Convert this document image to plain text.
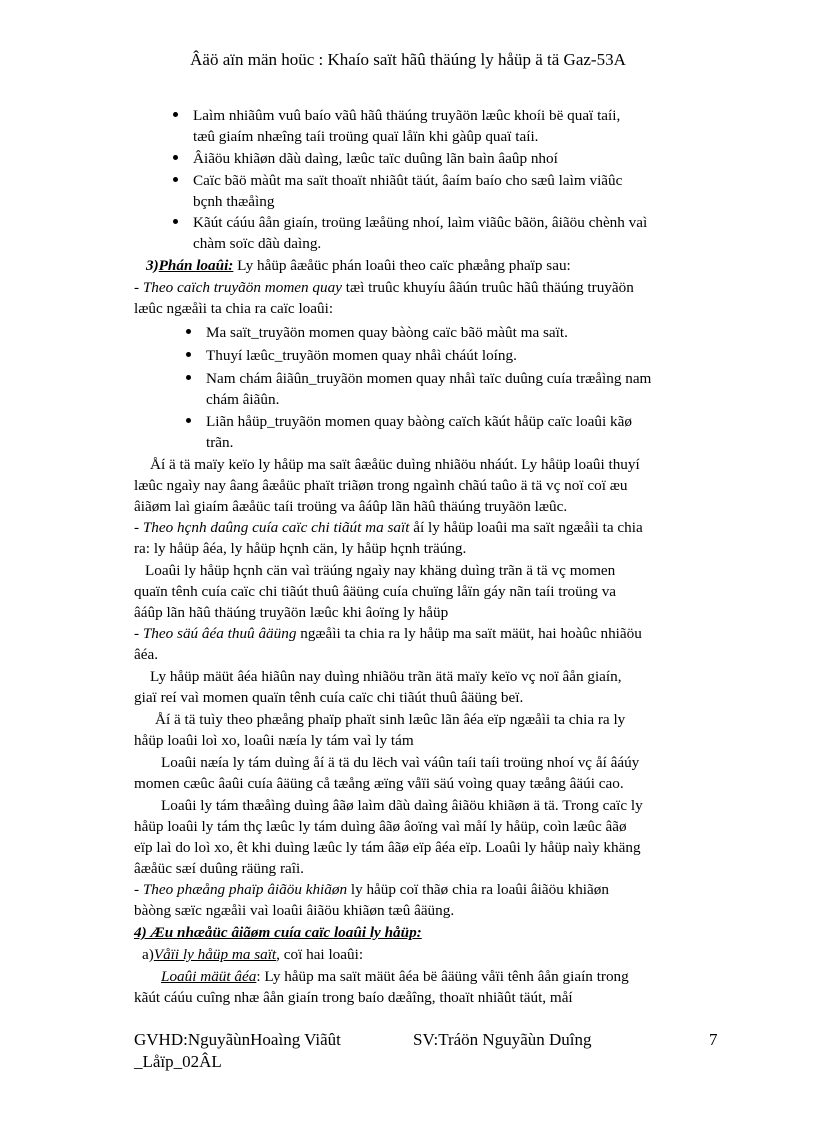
Âäö aïn män hoüc : Khaío saït hãû thäúng ly håüp ä tä Gaz-53A
Laìm nhiãûm vuû baío vãû hãû thäúng truyãön læûc khoíi bë quaï taíi,
tæû giaím nhæîng taíi troüng quaï låïn khi gàûp quaï taíi.
Âiãöu khiãøn dãù daìng, læûc taïc duûng lãn baìn âaûp nhoí
Caïc bãö màût ma saït thoaït nhiãût täút, âaím baío cho sæû laìm viãûc
bçnh thæåìng
Kãút cáúu âån giaín, troüng læåüng nhoí, laìm viãûc bãön, âiãöu chènh vaì
chàm soïc dãù daìng.
3)Phán loaûi: Ly håüp âæåüc phán loaûi theo caïc phæång phaïp sau:
- Theo caïch truyãön momen quay tæì truûc khuyíu âãún truûc hãû thäúng truyãön
læûc ngæåìi ta chia ra caïc loaûi:
Ma saït_truyãön momen quay bàòng caïc bãö màût ma saït.
Thuyí læûc_truyãön momen quay nhåì cháút loíng.
Nam chám âiãûn_truyãön momen quay nhåì taïc duûng cuía træåìng nam
chám âiãûn.
Liãn håüp_truyãön momen quay bàòng caïch kãút håüp caïc loaûi kãø
trãn.
Åí ä tä maïy keïo ly håüp ma saït âæåüc duìng nhiãöu nháút. Ly håüp loaûi thuyí
læûc ngaìy nay âang âæåüc phaït triãøn trong ngaình chãú taûo ä tä vç noï coï æu
âiãøm laì giaím âæåüc taíi troüng va âáûp lãn hãû thäúng truyãön læûc.
- Theo hçnh daûng cuía caïc chi tiãút ma saït åí ly håüp loaûi ma saït ngæåìi ta chia
ra: ly håüp âéa, ly håüp hçnh cän, ly håüp hçnh träúng.
Loaûi ly håüp hçnh cän vaì träúng ngaìy nay khäng duìng trãn ä tä vç momen
quaïn tênh cuía caïc chi tiãút thuû âäüng cuía chuïng låïn gáy nãn taíi troüng va
âáûp lãn hãû thäúng truyãön læûc khi âoïng ly håüp
- Theo säú âéa thuû âäüng ngæåìi ta chia ra ly håüp ma saït mäüt, hai hoàûc nhiãöu
âéa.
Ly håüp mäüt âéa hiãûn nay duìng nhiãöu trãn ätä maïy keïo vç noï âån giaín,
giaï reí vaì momen quaïn tênh cuía caïc chi tiãút thuû âäüng beï.
Åí ä tä tuìy theo phæång phaïp phaït sinh læûc lãn âéa eïp ngæåìi ta chia ra ly
håüp loaûi loì xo, loaûi næía ly tám vaì ly tám
Loaûi næía ly tám duìng åí ä tä du lëch vaì váûn taíi taíi troüng nhoí vç åí âáúy
momen cæûc âaûi cuía âäüng cå tæång æïng våïi säú voìng quay tæång âäúi cao.
Loaûi ly tám thæåìng duìng âãø laìm dãù daìng âiãöu khiãøn ä tä. Trong caïc ly
håüp loaûi ly tám thç læûc ly tám duìng âãø âoïng vaì måí ly håüp, coìn læûc âãø
eïp laì do loì xo, êt khi duìng læûc ly tám âãø eïp âéa eïp. Loaûi ly håüp naìy khäng
âæåüc sæí duûng räüng raîi.
- Theo phæång phaïp âiãöu khiãøn ly håüp coï thãø chia ra loaûi âiãöu khiãøn
bàòng sæïc ngæåìi vaì loaûi âiãöu khiãøn tæû âäüng.
4) Æu nhæåüc âiãøm cuía caïc loaûi ly håüp:
a)Våïi ly håüp ma saït, coï hai loaûi:
Loaûi mäüt âéa: Ly håüp ma saït mäüt âéa bë âäüng våïi tênh âån giaín trong
kãút cáúu cuîng nhæ âån giaín trong baío dæåîng, thoaït nhiãût täút, måí
GVHD:NguyãùnHoaìng Viãût
_Låïp_02ÂL
SV:Tráön Nguyãùn Duîng	7
